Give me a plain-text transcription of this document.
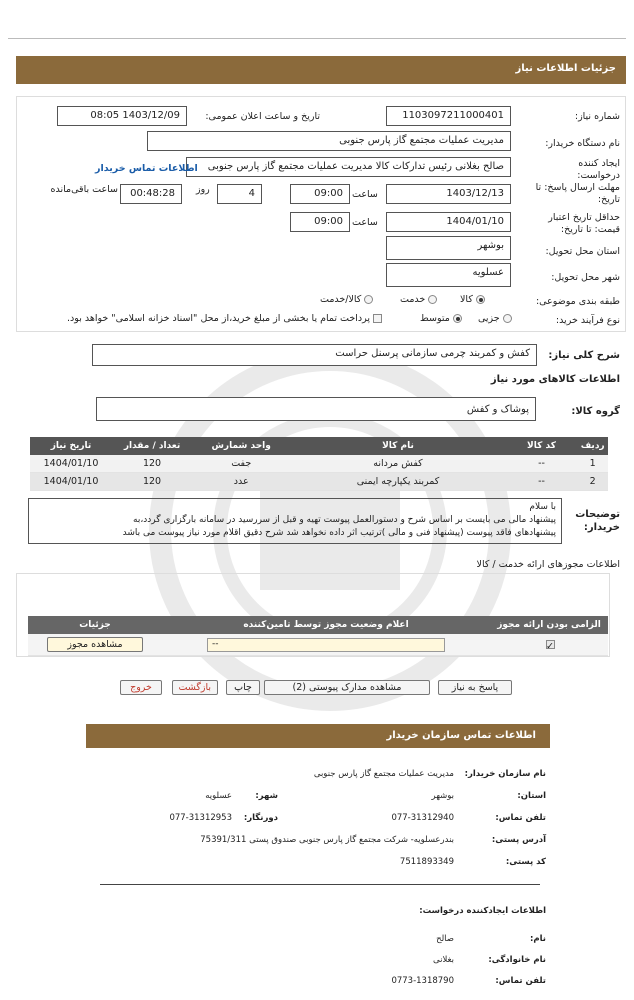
جزئیات اطلاعات نیاز
شماره نیاز:
1103097211000401
تاریخ و ساعت اعلان عمومی:
1403/12/09 08:05
نام دستگاه خریدار:
مدیریت عملیات مجتمع گاز پارس جنوبی
ایجاد کننده درخواست:
صالح بغلانی رئیس تدارکات کالا مدیریت عملیات مجتمع گاز پارس جنوبی
اطلاعات تماس خریدار
مهلت ارسال پاسخ: تا تاریخ:
1403/12/13
ساعت
09:00
4
روز
00:48:28
ساعت باقی‌مانده
حداقل تاریخ اعتبار قیمت: تا تاریخ:
1404/01/10
ساعت
09:00
استان محل تحویل:
بوشهر
شهر محل تحویل:
عسلویه
طبقه بندی موضوعی:
کالا
خدمت
کالا/خدمت
نوع فرآیند خرید:
جزیی
متوسط
پرداخت تمام یا بخشی از مبلغ خرید،از محل "اسناد خزانه اسلامی" خواهد بود.
شرح کلی نیاز:
کفش و کمربند چرمی سازمانی پرسنل حراست
اطلاعات کالاهای مورد نیاز
گروه کالا:
پوشاک و کفش
ردیف	کد کالا	نام کالا	واحد شمارش	تعداد / مقدار	تاریخ نیاز
1	--	کفش مردانه	جفت	120	1404/01/10
2	--	کمربند یکپارچه ایمنی	عدد	120	1404/01/10
توضیحات خریدار:
با سلام
پیشنهاد مالی می بایست بر اساس شرح و دستورالعمل پیوست تهیه و قبل از سررسید در سامانه بارگزاری گردد،به
پیشنهادهای فاقد پیوست (پیشنهاد فنی و مالی )ترتیب اثر داده نخواهد شد شرح دقیق اقلام مورد نیاز پیوست می باشد
اطلاعات مجوزهای ارائه خدمت / کالا
الزامی بودن ارائه مجوز	اعلام وضعیت مجوز توسط تامین‌کننده	جزئیات
✓	--	مشاهده مجوز
پاسخ به نیاز
مشاهده مدارک پیوستی (2)
چاپ
بازگشت
خروج
اطلاعات تماس سازمان خریدار
نام سازمان خریدار:
مدیریت عملیات مجتمع گاز پارس جنوبی
استان:
بوشهر
شهر:
عسلویه
تلفن تماس:
077-31312940
دورنگار:
077-31312953
آدرس پستی:
بندرعسلویه- شرکت مجتمع گاز پارس جنوبی صندوق پستی 75391/311
کد پستی:
7511893349
اطلاعات ایجادکننده درخواست:
نام:
صالح
نام خانوادگی:
بغلانی
تلفن تماس:
0773-1318790
